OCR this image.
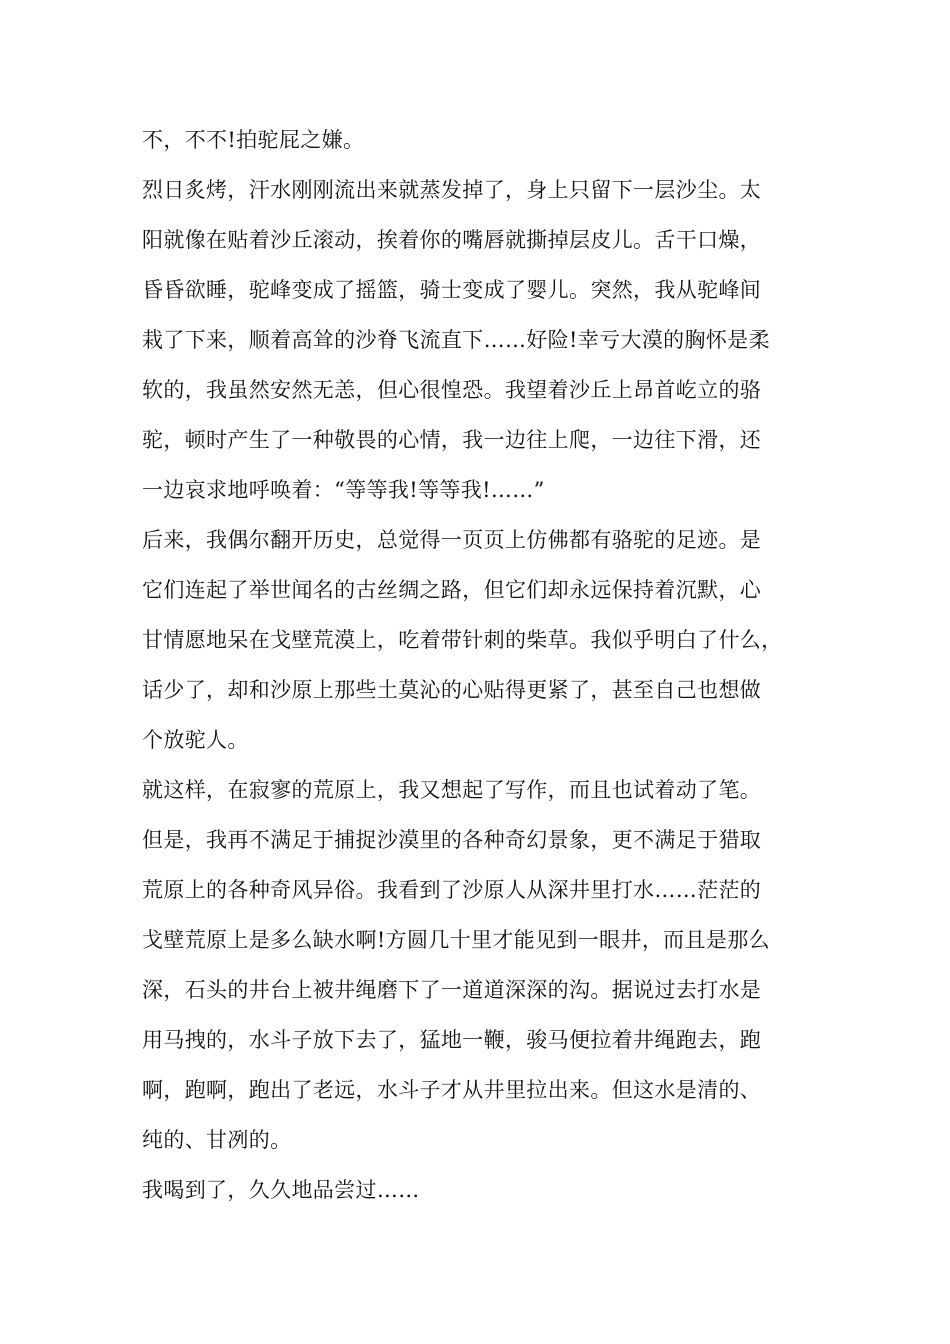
不，不不!拍驼屁之嫌。
烈日炙烤，汗水刚刚流出来就蒸发掉了，身上只留下一层沙尘。太
阳就像在贴着沙丘滚动，挨着你的嘴唇就撕掉层皮儿。舌干口燥，
昏昏欲睡，驼峰变成了摇篮，骑士变成了婴儿。突然，我从驼峰间
栽了下来，顺着高耸的沙脊飞流直下……好险!幸亏大漠的胸怀是柔
软的，我虽然安然无恙，但心很惶恐。我望着沙丘上昂首屹立的骆
驼，顿时产生了一种敬畏的心情，我一边往上爬，一边往下滑，还
一边哀求地呼唤着：“等等我!等等我!……”
后来，我偶尔翻开历史，总觉得一页页上仿佛都有骆驼的足迹。是
它们连起了举世闻名的古丝绸之路，但它们却永远保持着沉默，心
甘情愿地呆在戈壁荒漠上，吃着带针刺的柴草。我似乎明白了什么，
话少了，却和沙原上那些土莫沁的心贴得更紧了，甚至自己也想做
个放驼人。
就这样，在寂寥的荒原上，我又想起了写作，而且也试着动了笔。
但是，我再不满足于捕捉沙漠里的各种奇幻景象，更不满足于猎取
荒原上的各种奇风异俗。我看到了沙原人从深井里打水……茫茫的
戈壁荒原上是多么缺水啊!方圆几十里才能见到一眼井，而且是那么
深，石头的井台上被井绳磨下了一道道深深的沟。据说过去打水是
用马拽的，水斗子放下去了，猛地一鞭，骏马便拉着井绳跑去，跑
啊，跑啊，跑出了老远，水斗子才从井里拉出来。但这水是清的、
纯的、甘冽的。
我喝到了，久久地品尝过……
